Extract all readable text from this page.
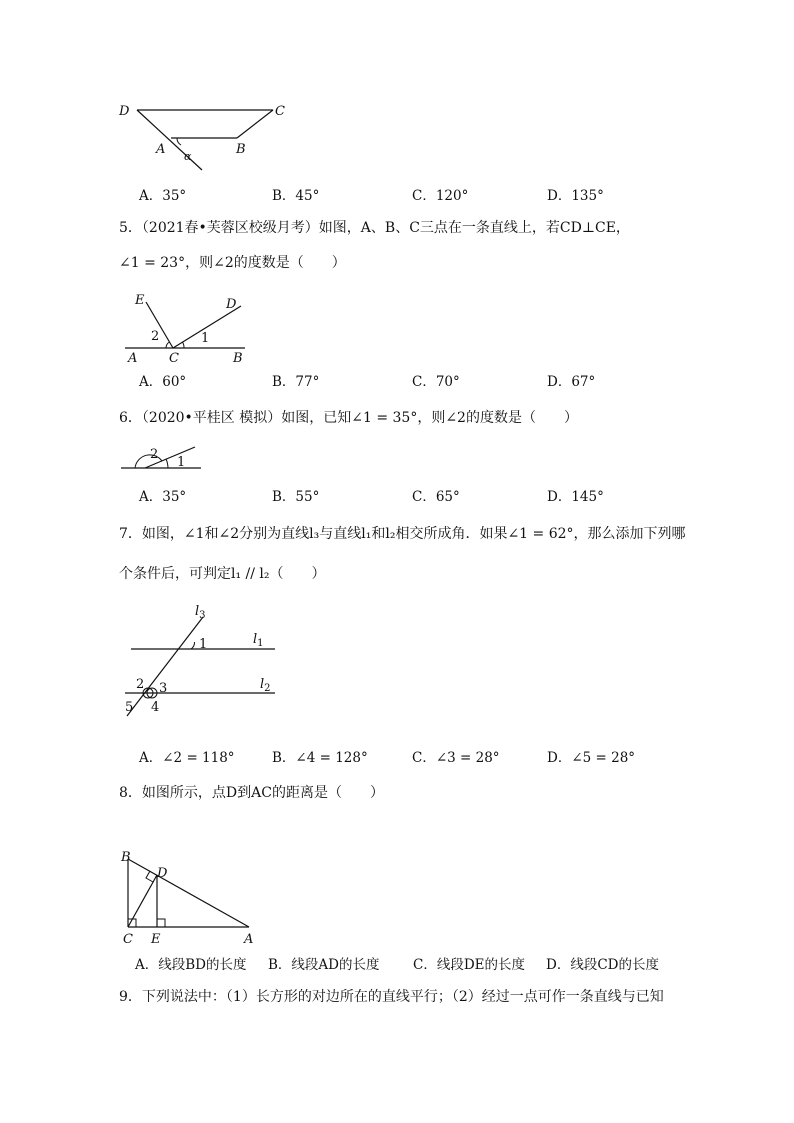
D	C
A	B
α
A．35°	B．45°	C．120°	D．135°
5．（2021春•芙蓉区校级月考）如图，A、B、C三点在一条直线上，若CD⊥CE，
∠1 = 23°，则∠2的度数是（　　）
E	D
2	1
A C	B
A．60°	B．77°	C．70°	D．67°
6．（2020•平桂区 模拟）如图，已知∠1 = 35°，则∠2的度数是（　　）
2
1
A．35°	B．55°	C．65°	D．145°
7．如图，∠1和∠2分别为直线l₃与直线l₁和l₂相交所成角．如果∠1 = 62°，那么添加下列哪
个条件后，可判定l₁ // l₂（　　）
$l_3$
1	$l_1$
2 3	$l_2$
5 4
A．∠2 = 118°	B．∠4 = 128°	C．∠3 = 28°	D．∠5 = 28°
8．如图所示，点D到AC的距离是（　　）
B
D
C E	A
A．线段BD的长度 B．线段AD的长度 C．线段DE的长度 D．线段CD的长度
9．下列说法中：（1）长方形的对边所在的直线平行；（2）经过一点可作一条直线与已知
